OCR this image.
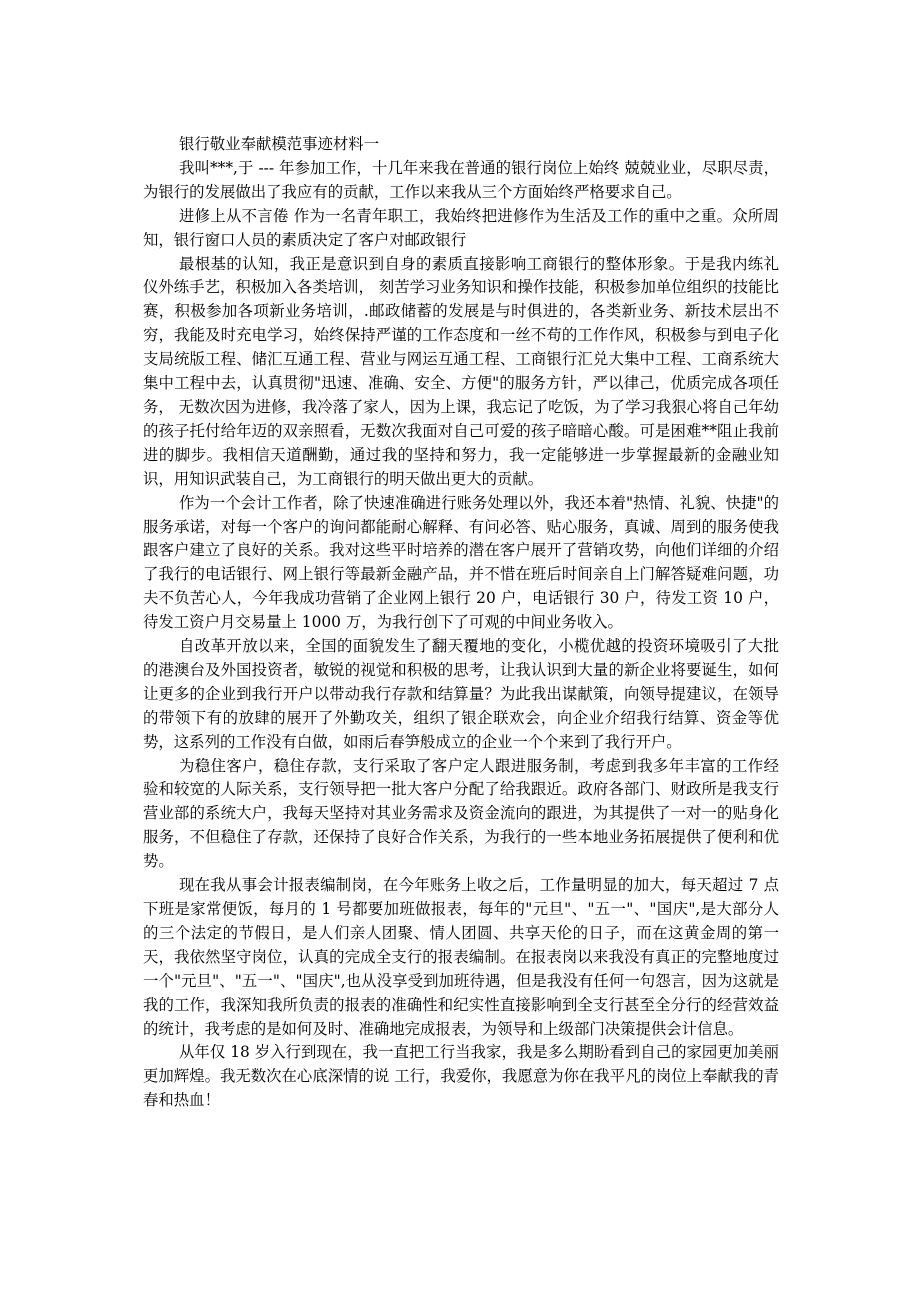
银行敬业奉献模范事迹材料一

我叫***,于 --- 年参加工作，十几年来我在普通的银行岗位上始终 兢兢业业，尽职尽责，为银行的发展做出了我应有的贡献，工作以来我从三个方面始终严格要求自己。

进修上从不言倦 作为一名青年职工，我始终把进修作为生活及工作的重中之重。众所周知，银行窗口人员的素质决定了客户对邮政银行

最根基的认知，我正是意识到自身的素质直接影响工商银行的整体形象。于是我内练礼仪外练手艺，积极加入各类培训， 刻苦学习业务知识和操作技能，积极参加单位组织的技能比赛，积极参加各项新业务培训，.邮政储蓄的发展是与时俱进的，各类新业务、新技术层出不穷，我能及时充电学习，始终保持严谨的工作态度和一丝不苟的工作作风，积极参与到电子化支局统版工程、储汇互通工程、营业与网运互通工程、工商银行汇兑大集中工程、工商系统大集中工程中去，认真贯彻"迅速、准确、安全、方便"的服务方针，严以律己，优质完成各项任务， 无数次因为进修，我冷落了家人，因为上课，我忘记了吃饭，为了学习我狠心将自己年幼的孩子托付给年迈的双亲照看，无数次我面对自己可爱的孩子暗暗心酸。可是困难**阻止我前进的脚步。我相信天道酬勤，通过我的坚持和努力，我一定能够进一步掌握最新的金融业知识，用知识武装自己，为工商银行的明天做出更大的贡献。

作为一个会计工作者，除了快速准确进行账务处理以外，我还本着"热情、礼貌、快捷"的服务承诺，对每一个客户的询问都能耐心解释、有问必答、贴心服务，真诚、周到的服务使我跟客户建立了良好的关系。我对这些平时培养的潜在客户展开了营销攻势，向他们详细的介绍了我行的电话银行、网上银行等最新金融产品，并不惜在班后时间亲自上门解答疑难问题，功夫不负苦心人，今年我成功营销了企业网上银行 20 户，电话银行 30 户，待发工资 10 户，待发工资户月交易量上 1000 万，为我行创下了可观的中间业务收入。

自改革开放以来，全国的面貌发生了翻天覆地的变化，小榄优越的投资环境吸引了大批的港澳台及外国投资者，敏锐的视觉和积极的思考，让我认识到大量的新企业将要诞生，如何让更多的企业到我行开户以带动我行存款和结算量？为此我出谋献策，向领导提建议，在领导的带领下有的放肆的展开了外勤攻关，组织了银企联欢会，向企业介绍我行结算、资金等优势，这系列的工作没有白做，如雨后春笋般成立的企业一个个来到了我行开户。

为稳住客户，稳住存款，支行采取了客户定人跟进服务制，考虑到我多年丰富的工作经验和较宽的人际关系，支行领导把一批大客户分配了给我跟近。政府各部门、财政所是我支行营业部的系统大户，我每天坚持对其业务需求及资金流向的跟进，为其提供了一对一的贴身化服务，不但稳住了存款，还保持了良好合作关系，为我行的一些本地业务拓展提供了便利和优势。

现在我从事会计报表编制岗，在今年账务上收之后，工作量明显的加大，每天超过 7 点下班是家常便饭，每月的 1 号都要加班做报表，每年的"元旦"、"五一"、"国庆",是大部分人的三个法定的节假日，是人们亲人团聚、情人团圆、共享天伦的日子，而在这黄金周的第一天，我依然坚守岗位，认真的完成全支行的报表编制。在报表岗以来我没有真正的完整地度过一个"元旦"、"五一"、"国庆",也从没享受到加班待遇，但是我没有任何一句怨言，因为这就是我的工作，我深知我所负责的报表的准确性和纪实性直接影响到全支行甚至全分行的经营效益的统计，我考虑的是如何及时、准确地完成报表，为领导和上级部门决策提供会计信息。

从年仅 18 岁入行到现在，我一直把工行当我家，我是多么期盼看到自己的家园更加美丽更加辉煌。我无数次在心底深情的说 工行，我爱你，我愿意为你在我平凡的岗位上奉献我的青春和热血！
